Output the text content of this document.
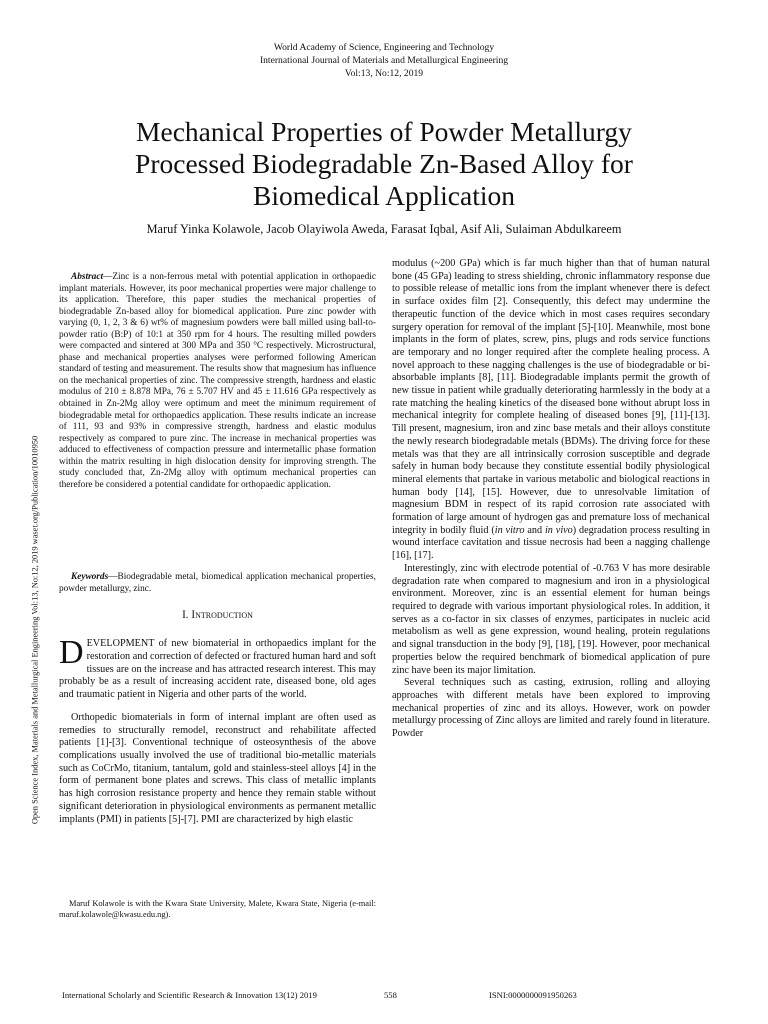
World Academy of Science, Engineering and Technology
International Journal of Materials and Metallurgical Engineering
Vol:13, No:12, 2019
Mechanical Properties of Powder Metallurgy
Processed Biodegradable Zn-Based Alloy for
Biomedical Application
Maruf Yinka Kolawole, Jacob Olayiwola Aweda, Farasat Iqbal, Asif Ali, Sulaiman Abdulkareem
Open Science Index, Materials and Metallurgical Engineering Vol:13, No:12, 2019 waset.org/Publication/10010950
Abstract—Zinc is a non-ferrous metal with potential application in orthopaedic implant materials. However, its poor mechanical properties were major challenge to its application. Therefore, this paper studies the mechanical properties of biodegradable Zn-based alloy for biomedical application. Pure zinc powder with varying (0, 1, 2, 3 & 6) wt% of magnesium powders were ball milled using ball-to-powder ratio (B:P) of 10:1 at 350 rpm for 4 hours. The resulting milled powders were compacted and sintered at 300 MPa and 350 °C respectively. Microstructural, phase and mechanical properties analyses were performed following American standard of testing and measurement. The results show that magnesium has influence on the mechanical properties of zinc. The compressive strength, hardness and elastic modulus of 210 ± 8.878 MPa, 76 ± 5.707 HV and 45 ± 11.616 GPa respectively as obtained in Zn-2Mg alloy were optimum and meet the minimum requirement of biodegradable metal for orthopaedics application. These results indicate an increase of 111, 93 and 93% in compressive strength, hardness and elastic modulus respectively as compared to pure zinc. The increase in mechanical properties was adduced to effectiveness of compaction pressure and intermetallic phase formation within the matrix resulting in high dislocation density for improving strength. The study concluded that, Zn-2Mg alloy with optimum mechanical properties can therefore be considered a potential candidate for orthopaedic application.
Keywords—Biodegradable metal, biomedical application mechanical properties, powder metallurgy, zinc.
I. Introduction

DEVELOPMENT of new biomaterial in orthopaedics implant for the restoration and correction of defected or fractured human hard and soft tissues are on the increase and has attracted research interest. This may probably be as a result of increasing accident rate, diseased bone, old ages and traumatic patient in Nigeria and other parts of the world.

Orthopedic biomaterials in form of internal implant are often used as remedies to structurally remodel, reconstruct and rehabilitate affected patients [1]-[3]. Conventional technique of osteosynthesis of the above complications usually involved the use of traditional bio-metallic materials such as CoCrMo, titanium, tantalum, gold and stainless-steel alloys [4] in the form of permanent bone plates and screws. This class of metallic implants has high corrosion resistance property and hence they remain stable without significant deterioration in physiological environments as permanent metallic implants (PMI) in patients [5]-[7]. PMI are characterized by high elastic

Maruf Kolawole is with the Kwara State University, Malete, Kwara State, Nigeria (e-mail: maruf.kolawole@kwasu.edu.ng).

modulus (~200 GPa) which is far much higher than that of human natural bone (45 GPa) leading to stress shielding, chronic inflammatory response due to possible release of metallic ions from the implant whenever there is defect in surface oxides film [2]. Consequently, this defect may undermine the therapeutic function of the device which in most cases requires secondary surgery operation for removal of the implant [5]-[10]. Meanwhile, most bone implants in the form of plates, screw, pins, plugs and rods service functions are temporary and no longer required after the complete healing process. A novel approach to these nagging challenges is the use of biodegradable or bi-absorbable implants [8], [11]. Biodegradable implants permit the growth of new tissue in patient while gradually deteriorating harmlessly in the body at a rate matching the healing kinetics of the diseased bone without abrupt loss in mechanical integrity for complete healing of diseased bones [9], [11]-[13]. Till present, magnesium, iron and zinc base metals and their alloys constitute the newly research biodegradable metals (BDMs). The driving force for these metals was that they are all intrinsically corrosion susceptible and degrade safely in human body because they constitute essential bodily physiological mineral elements that partake in various metabolic and biological reactions in human body [14], [15]. However, due to unresolvable limitation of magnesium BDM in respect of its rapid corrosion rate associated with formation of large amount of hydrogen gas and premature loss of mechanical integrity in bodily fluid (in vitro and in vivo) degradation process resulting in wound interface cavitation and tissue necrosis had been a nagging challenge [16], [17].

Interestingly, zinc with electrode potential of -0.763 V has more desirable degradation rate when compared to magnesium and iron in a physiological environment. Moreover, zinc is an essential element for human beings required to degrade with various important physiological roles. In addition, it serves as a co-factor in six classes of enzymes, participates in nucleic acid metabolism as well as gene expression, wound healing, protein regulations and signal transduction in the body [9], [18], [19]. However, poor mechanical properties below the required benchmark of biomedical application of pure zinc have been its major limitation.

Several techniques such as casting, extrusion, rolling and alloying approaches with different metals have been explored to improving mechanical properties of zinc and its alloys. However, work on powder metallurgy processing of Zinc alloys are limited and rarely found in literature. Powder

International Scholarly and Scientific Research & Innovation 13(12) 2019	558	ISNI:0000000091950263
